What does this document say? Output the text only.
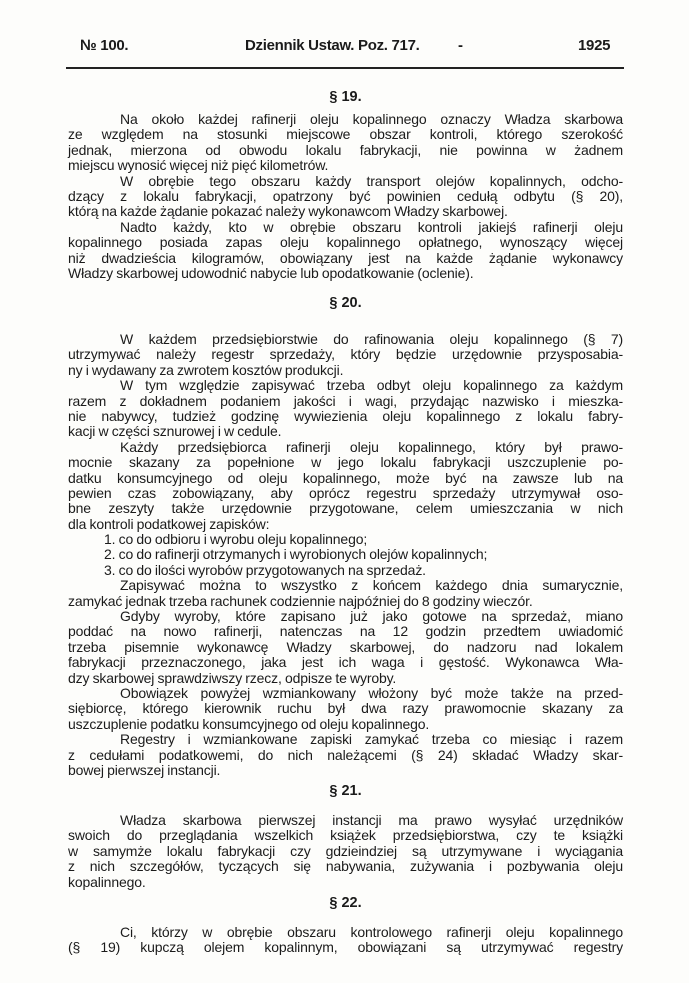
№ 100.	Dziennik Ustaw. Poz. 717.	-	1925
§ 19.
Na około każdej rafinerji oleju kopalinnego oznaczy Władza skarbowa
ze względem na stosunki miejscowe obszar kontroli, którego szerokość
jednak, mierzona od obwodu lokalu fabrykacji, nie powinna w żadnem
miejscu wynosić więcej niż pięć kilometrów.
W obrębie tego obszaru każdy transport olejów kopalinnych, odcho-
dzący z lokalu fabrykacji, opatrzony być powinien cedułą odbytu (§ 20),
którą na każde żądanie pokazać należy wykonawcom Władzy skarbowej.
Nadto każdy, kto w obrębie obszaru kontroli jakiejś rafinerji oleju
kopalinnego posiada zapas oleju kopalinnego opłatnego, wynoszący więcej
niż dwadzieścia kilogramów, obowiązany jest na każde żądanie wykonawcy
Władzy skarbowej udowodnić nabycie lub opodatkowanie (oclenie).
§ 20.
W każdem przedsiębiorstwie do rafinowania oleju kopalinnego (§ 7)
utrzymywać należy regestr sprzedaży, który będzie urzędownie przysposabia-
ny i wydawany za zwrotem kosztów produkcji.
W tym względzie zapisywać trzeba odbyt oleju kopalinnego za każdym
razem z dokładnem podaniem jakości i wagi, przydając nazwisko i mieszka-
nie nabywcy, tudzież godzinę wywiezienia oleju kopalinnego z lokalu fabry-
kacji w części sznurowej i w cedule.
Każdy przedsiębiorca rafinerji oleju kopalinnego, który był prawo-
mocnie skazany za popełnione w jego lokalu fabrykacji uszczuplenie po-
datku konsumcyjnego od oleju kopalinnego, może być na zawsze lub na
pewien czas zobowiązany, aby oprócz regestru sprzedaży utrzymywał oso-
bne zeszyty także urzędownie przygotowane, celem umieszczania w nich
dla kontroli podatkowej zapisków:
1. co do odbioru i wyrobu oleju kopalinnego;
2. co do rafinerji otrzymanych i wyrobionych olejów kopalinnych;
3. co do ilości wyrobów przygotowanych na sprzedaż.
Zapisywać można to wszystko z końcem każdego dnia sumarycznie,
zamykać jednak trzeba rachunek codziennie najpóźniej do 8 godziny wieczór.
Gdyby wyroby, które zapisano już jako gotowe na sprzedaż, miano
poddać na nowo rafinerji, natenczas na 12 godzin przedtem uwiadomić
trzeba pisemnie wykonawcę Władzy skarbowej, do nadzoru nad lokalem
fabrykacji przeznaczonego, jaka jest ich waga i gęstość. Wykonawca Wła-
dzy skarbowej sprawdziwszy rzecz, odpisze te wyroby.
Obowiązek powyżej wzmiankowany włożony być może także na przed-
siębiorcę, którego kierownik ruchu był dwa razy prawomocnie skazany za
uszczuplenie podatku konsumcyjnego od oleju kopalinnego.
Regestry i wzmiankowane zapiski zamykać trzeba co miesiąc i razem
z cedułami podatkowemi, do nich należącemi (§ 24) składać Władzy skar-
bowej pierwszej instancji.
§ 21.
Władza skarbowa pierwszej instancji ma prawo wysyłać urzędników
swoich do przeglądania wszelkich książek przedsiębiorstwa, czy te książki
w samymże lokalu fabrykacji czy gdzieindziej są utrzymywane i wyciągania
z nich szczegółów, tyczących się nabywania, zużywania i pozbywania oleju
kopalinnego.
§ 22.
Ci, którzy w obrębie obszaru kontrolowego rafinerji oleju kopalinnego
(§ 19) kupczą olejem kopalinnym, obowiązani są utrzymywać regestry
